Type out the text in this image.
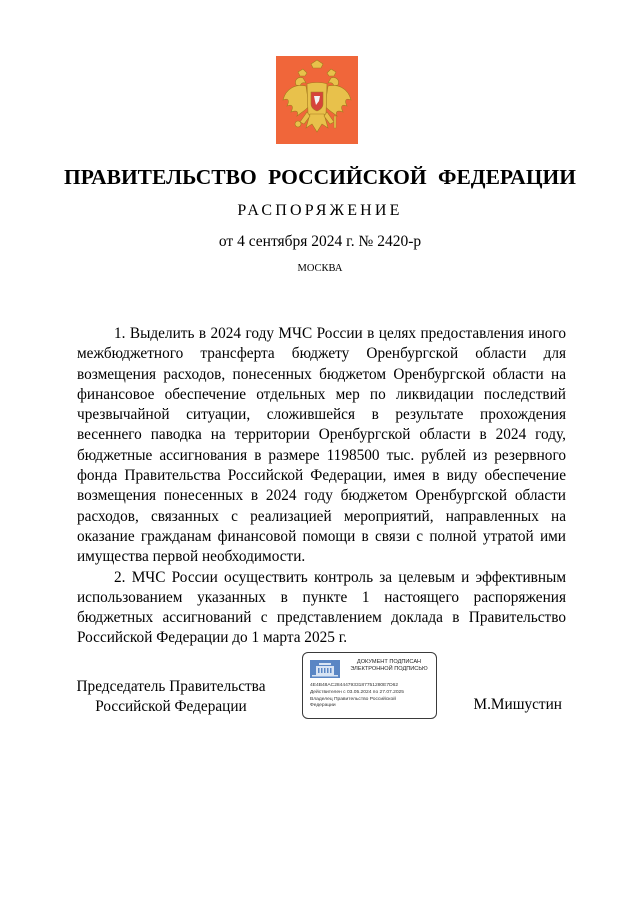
ПРАВИТЕЛЬСТВО РОССИЙСКОЙ ФЕДЕРАЦИИ
РАСПОРЯЖЕНИЕ
от 4 сентября 2024 г. № 2420-р
МОСКВА

1. Выделить в 2024 году МЧС России в целях предоставления иного межбюджетного трансферта бюджету Оренбургской области для возмещения расходов, понесенных бюджетом Оренбургской области на финансовое обеспечение отдельных мер по ликвидации последствий чрезвычайной ситуации, сложившейся в результате прохождения весеннего паводка на территории Оренбургской области в 2024 году, бюджетные ассигнования в размере 1198500 тыс. рублей из резервного фонда Правительства Российской Федерации, имея в виду обеспечение возмещения понесенных в 2024 году бюджетом Оренбургской области расходов, связанных с реализацией мероприятий, направленных на оказание гражданам финансовой помощи в связи с полной утратой ими имущества первой необходимости.

2. МЧС России осуществить контроль за целевым и эффективным использованием указанных в пункте 1 настоящего распоряжения бюджетных ассигнований с представлением доклада в Правительство Российской Федерации до 1 марта 2025 г.

Председатель Правительства
Российской Федерации
ДОКУМЕНТ ПОДПИСАН
ЭЛЕКТРОННОЙ ПОДПИСЬЮ
4E4B48AC284447933187751280E7D62
Действителен с 03.05.2024 по 27.07.2025
Владелец Правительство Российской
Федерации	М.Мишустин
